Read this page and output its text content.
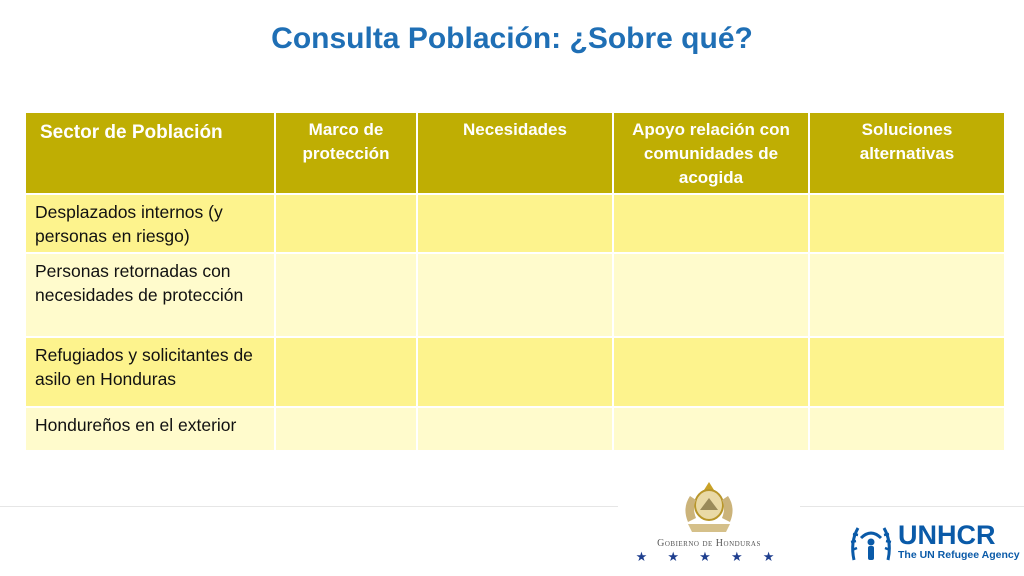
Consulta Población: ¿Sobre qué?
Sector de Población	Marco de protección	Necesidades	Apoyo relación con comunidades de acogida	Soluciones alternativas
Desplazados internos (y personas en riesgo)				
Personas retornadas con necesidades de protección				
Refugiados y solicitantes de asilo en Honduras				
Hondureños en el exterior				
Gobierno de Honduras
★ ★ ★ ★ ★
UNHCR
The UN Refugee Agency
